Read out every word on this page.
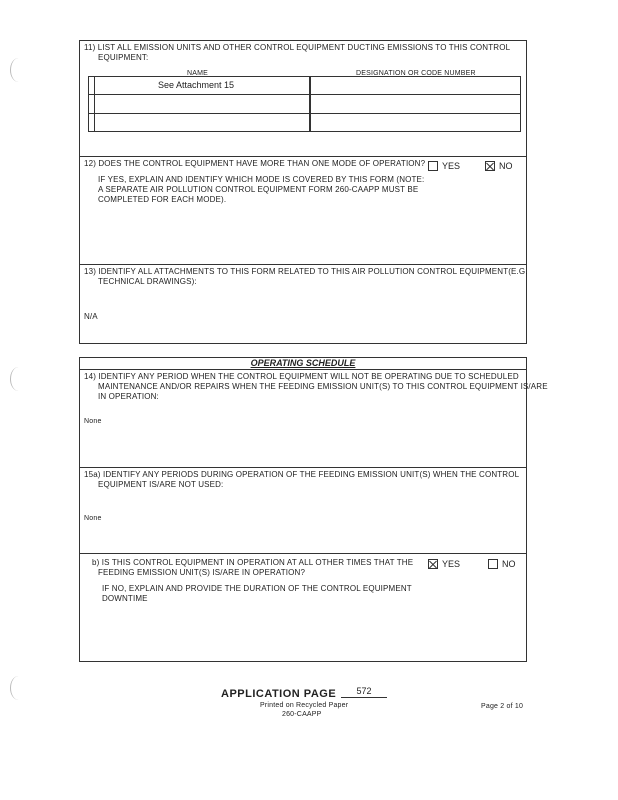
11) LIST ALL EMISSION UNITS AND OTHER CONTROL EQUIPMENT DUCTING EMISSIONS TO THIS CONTROL
EQUIPMENT:
NAME	DESIGNATION OR CODE NUMBER
See Attachment 15
12) DOES THE CONTROL EQUIPMENT HAVE MORE THAN ONE MODE OF OPERATION? YES	NO
IF YES, EXPLAIN AND IDENTIFY WHICH MODE IS COVERED BY THIS FORM (NOTE:
A SEPARATE AIR POLLUTION CONTROL EQUIPMENT FORM 260-CAAPP MUST BE
COMPLETED FOR EACH MODE).
13) IDENTIFY ALL ATTACHMENTS TO THIS FORM RELATED TO THIS AIR POLLUTION CONTROL EQUIPMENT(E.G.
TECHNICAL DRAWINGS):
N/A
OPERATING SCHEDULE
14) IDENTIFY ANY PERIOD WHEN THE CONTROL EQUIPMENT WILL NOT BE OPERATING DUE TO SCHEDULED
MAINTENANCE AND/OR REPAIRS WHEN THE FEEDING EMISSION UNIT(S) TO THIS CONTROL EQUIPMENT IS/ARE
IN OPERATION:
None
15a) IDENTIFY ANY PERIODS DURING OPERATION OF THE FEEDING EMISSION UNIT(S) WHEN THE CONTROL
EQUIPMENT IS/ARE NOT USED:
None
b) IS THIS CONTROL EQUIPMENT IN OPERATION AT ALL OTHER TIMES THAT THE
FEEDING EMISSION UNIT(S) IS/ARE IN OPERATION?
YES	NO
IF NO, EXPLAIN AND PROVIDE THE DURATION OF THE CONTROL EQUIPMENT
DOWNTIME
APPLICATION PAGE	572
Printed on Recycled Paper
260-CAAPP
Page 2 of 10
